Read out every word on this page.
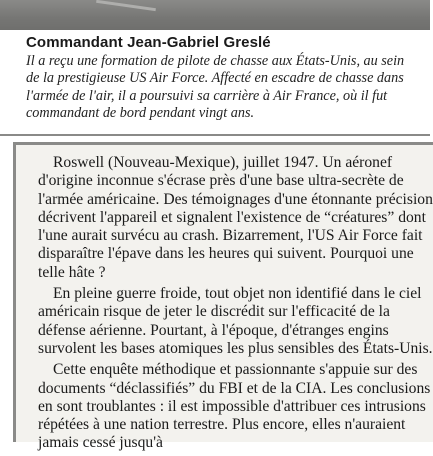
Commandant Jean-Gabriel Greslé

Il a reçu une formation de pilote de chasse aux États-Unis, au sein de la prestigieuse US Air Force. Affecté en escadre de chasse dans l'armée de l'air, il a poursuivi sa carrière à Air France, où il fut commandant de bord pendant vingt ans.

Roswell (Nouveau-Mexique), juillet 1947. Un aéronef d'origine inconnue s'écrase près d'une base ultra-secrète de l'armée américaine. Des témoignages d'une étonnante précision décrivent l'appareil et signalent l'existence de “créatures” dont l'une aurait survécu au crash. Bizarrement, l'US Air Force fait disparaître l'épave dans les heures qui suivent. Pourquoi une telle hâte ?

En pleine guerre froide, tout objet non identifié dans le ciel américain risque de jeter le discrédit sur l'efficacité de la défense aérienne. Pourtant, à l'époque, d'étranges engins survolent les bases atomiques les plus sensibles des États-Unis.

Cette enquête méthodique et passionnante s'appuie sur des documents “déclassifiés” du FBI et de la CIA. Les conclusions en sont troublantes : il est impossible d'attribuer ces intrusions répétées à une nation terrestre. Plus encore, elles n'auraient jamais cessé jusqu'à
